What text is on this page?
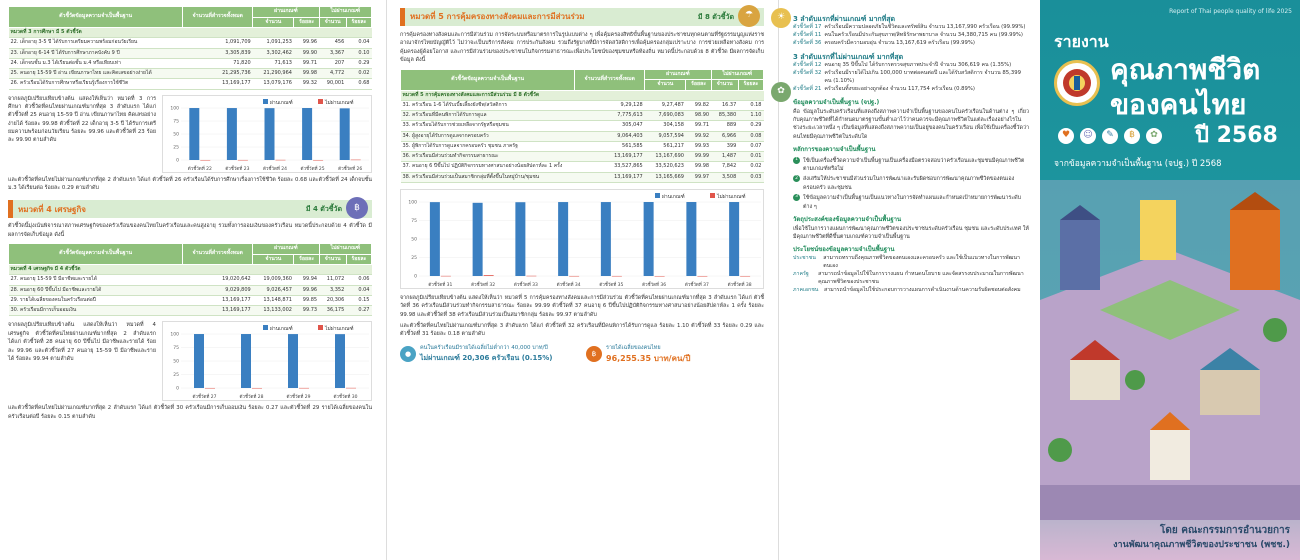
ตัวชี้วัดข้อมูลความจำเป็นพื้นฐาน	จำนวนที่สำรวจทั้งหมด	ผ่านเกณฑ์		ไม่ผ่านเกณฑ์	
		จำนวน	ร้อยละ	จำนวน	ร้อยละ
หมวดที่ 3 การศึกษา มี 5 ตัวชี้วัด					
22. เด็กอายุ 3-5 ปี ได้รับการเตรียมความพร้อมก่อนวัยเรียน	1,091,709	1,091,253	99.96	456	0.04
23. เด็กอายุ 6-14 ปี ได้รับการศึกษาภาคบังคับ 9 ปี	3,305,839	3,302,462	99.90	3,367	0.10
24. เด็กจบชั้น ม.3 ได้เรียนต่อชั้น ม.4 หรือเทียบเท่า	71,820	71,613	99.71	207	0.29
25. คนอายุ 15-59 ปี อ่าน เขียนภาษาไทย และคิดเลขอย่างง่ายได้	21,295,736	21,290,964	99.98	4,772	0.02
26. ครัวเรือนได้รับการศึกษาหรือเรียนรู้เรื่องการใช้ชีวิต	13,169,177	13,079,176	99.32	90,001	0.68

จากผลภูมิเปรียบเทียบข้างต้น แสดงให้เห็นว่า หมวดที่ 3 การศึกษา ตัวชี้วัดที่คนไทยผ่านเกณฑ์มากที่สุด 3 ลำดับแรก ได้แก่ ตัวชี้วัดที่ 25 คนอายุ 15-59 ปี อ่าน เขียนภาษาไทย คิดเลขอย่างง่ายได้ ร้อยละ 99.98 ตัวชี้วัดที่ 22 เด็กอายุ 3-5 ปี ได้รับการเตรียมความพร้อมก่อนวัยเรียน ร้อยละ 99.96 และตัวชี้วัดที่ 23 ร้อยละ 99.90 ตามลำดับ

ผ่านเกณฑ์	ไม่ผ่านเกณฑ์
0
25
50
75
100
ตัวชี้วัดที่ 22	ตัวชี้วัดที่ 23	ตัวชี้วัดที่ 24	ตัวชี้วัดที่ 25	ตัวชี้วัดที่ 26

และตัวชี้วัดที่คนไทยไม่ผ่านเกณฑ์มากที่สุด 2 ลำดับแรก ได้แก่ ตัวชี้วัดที่ 26 ครัวเรือนได้รับการศึกษาเรื่องการใช้ชีวิต ร้อยละ 0.68 และตัวชี้วัดที่ 24 เด็กจบชั้น ม.3 ได้เรียนต่อ ร้อยละ 0.29 ตามลำดับ

หมวดที่ 4 เศรษฐกิจ	มี 4 ตัวชี้วัด	฿

ตัวชี้วัดนี้มุ่งเน้นพิจารณาสภาพเศรษฐกิจของครัวเรือนของคนไทยในครัวเรือนและคนสูงอายุ รวมทั้งการออมเงินของครัวเรือน หมวดนี้ประกอบด้วย 4 ตัวชี้วัด มีผลการจัดเก็บข้อมูล ดังนี้

ตัวชี้วัดข้อมูลความจำเป็นพื้นฐาน	จำนวนที่สำรวจทั้งหมด	ผ่านเกณฑ์		ไม่ผ่านเกณฑ์	
		จำนวน	ร้อยละ	จำนวน	ร้อยละ
หมวดที่ 4 เศรษฐกิจ มี 4 ตัวชี้วัด					
27. คนอายุ 15-59 ปี มีอาชีพและรายได้	19,020,642	19,009,360	99.94	11,072	0.06
28. คนอายุ 60 ปีขึ้นไป มีอาชีพและรายได้	9,029,809	9,026,457	99.96	3,352	0.04
29. รายได้เฉลี่ยของคนในครัวเรือนต่อปี	13,169,177	13,148,871	99.85	20,306	0.15
30. ครัวเรือนมีการเก็บออมเงิน	13,169,177	13,133,002	99.73	36,175	0.27

จากผลภูมิเปรียบเทียบข้างต้น แสดงให้เห็นว่า หมวดที่ 4 เศรษฐกิจ ตัวชี้วัดที่คนไทยผ่านเกณฑ์มากที่สุด 2 ลำดับแรก ได้แก่ ตัวชี้วัดที่ 28 คนอายุ 60 ปีขึ้นไป มีอาชีพและรายได้ ร้อยละ 99.96 และตัวชี้วัดที่ 27 คนอายุ 15-59 ปี มีอาชีพและรายได้ ร้อยละ 99.94 ตามลำดับ

ผ่านเกณฑ์	ไม่ผ่านเกณฑ์
0
25
50
75
100
ตัวชี้วัดที่ 27	ตัวชี้วัดที่ 28	ตัวชี้วัดที่ 29	ตัวชี้วัดที่ 30

และตัวชี้วัดที่คนไทยไม่ผ่านเกณฑ์มากที่สุด 2 ลำดับแรก ได้แก่ ตัวชี้วัดที่ 30 ครัวเรือนมีการเก็บออมเงิน ร้อยละ 0.27 และตัวชี้วัดที่ 29 รายได้เฉลี่ยของคนในครัวเรือนต่อปี ร้อยละ 0.15 ตามลำดับ

หมวดที่ 5 การคุ้มครองทางสังคมและการมีส่วนร่วม	มี 8 ตัวชี้วัด	☂

การคุ้มครองทางสังคมและการมีส่วนร่วม การจัดระบบหรือมาตรการในรูปแบบต่าง ๆ เพื่อคุ้มครองสิทธิขั้นพื้นฐานของประชาชนทุกคนตามที่รัฐธรรมนูญแห่งราชอาณาจักรไทยบัญญัติไว้ ไม่ว่าจะเป็นบริการสังคม การประกันสังคม รวมถึงรัฐบาลที่มีการจัดสวัสดิการเพื่อคุ้มครองกลุ่มเปราะบาง การช่วยเหลือทางสังคม การคุ้มครองผู้ด้อยโอกาส และการมีส่วนร่วมของประชาชนในกิจกรรมสาธารณะเพื่อประโยชน์ของชุมชนหรือท้องถิ่น หมวดนี้ประกอบด้วย 8 ตัวชี้วัด มีผลการจัดเก็บข้อมูล ดังนี้

ตัวชี้วัดข้อมูลความจำเป็นพื้นฐาน	จำนวนที่สำรวจทั้งหมด	ผ่านเกณฑ์		ไม่ผ่านเกณฑ์	
		จำนวน	ร้อยละ	จำนวน	ร้อยละ
หมวดที่ 5 การคุ้มครองทางสังคมและการมีส่วนร่วม มี 8 ตัวชี้วัด					
31. ครัวเรือน 1-6 ได้รับเบี้ยเลี้ยงยังชีพ/สวัสดิการ	9,29,128	9,27,487	99.82	16.37	0.18
32. ครัวเรือนที่มีคนพิการได้รับการดูแล	7,775,613	7,690,083	98.90	85,380	1.10
33. ครัวเรือนได้รับการช่วยเหลือจากรัฐหรือชุมชน	305,047	304,158	99.71	889	0.29
34. ผู้สูงอายุได้รับการดูแลจากครอบครัว	9,064,403	9,057,594	99.92	6,966	0.08
35. ผู้พิการได้รับการดูแลจากครอบครัว ชุมชน ภาครัฐ	561,585	561,217	99.93	399	0.07
36. ครัวเรือนมีส่วนร่วมทำกิจกรรมสาธารณะ	13,169,177	13,167,690	99.99	1,487	0.01
37. คนอายุ 6 ปีขึ้นไป ปฏิบัติกิจกรรมทางศาสนาอย่างน้อยสัปดาห์ละ 1 ครั้ง	33,527,865	33,520,623	99.98	7,842	0.02
38. ครัวเรือนมีส่วนร่วมเป็นสมาชิกกลุ่มที่ตั้งขึ้นในหมู่บ้าน/ชุมชน	13,169,177	13,165,669	99.97	3,508	0.03
ผ่านเกณฑ์	ไม่ผ่านเกณฑ์
0
25
50
75
100
ตัวชี้วัดที่ 31	ตัวชี้วัดที่ 32	ตัวชี้วัดที่ 33	ตัวชี้วัดที่ 34	ตัวชี้วัดที่ 35	ตัวชี้วัดที่ 36	ตัวชี้วัดที่ 37	ตัวชี้วัดที่ 38

จากผลภูมิเปรียบเทียบข้างต้น แสดงให้เห็นว่า หมวดที่ 5 การคุ้มครองทางสังคมและการมีส่วนร่วม ตัวชี้วัดที่คนไทยผ่านเกณฑ์มากที่สุด 3 ลำดับแรก ได้แก่ ตัวชี้วัดที่ 36 ครัวเรือนมีส่วนร่วมทำกิจกรรมสาธารณะ ร้อยละ 99.99 ตัวชี้วัดที่ 37 คนอายุ 6 ปีขึ้นไปปฏิบัติกิจกรรมทางศาสนาอย่างน้อยสัปดาห์ละ 1 ครั้ง ร้อยละ 99.98 และตัวชี้วัดที่ 38 ครัวเรือนมีส่วนร่วมเป็นสมาชิกกลุ่ม ร้อยละ 99.97 ตามลำดับ

และตัวชี้วัดที่คนไทยไม่ผ่านเกณฑ์มากที่สุด 3 ลำดับแรก ได้แก่ ตัวชี้วัดที่ 32 ครัวเรือนที่มีคนพิการได้รับการดูแล ร้อยละ 1.10 ตัวชี้วัดที่ 33 ร้อยละ 0.29 และตัวชี้วัดที่ 31 ร้อยละ 0.18 ตามลำดับ

●
คนในครัวเรือนมีรายได้เฉลี่ยไม่ต่ำกว่า 40,000 บาท/ปี
ไม่ผ่านเกณฑ์ 20,306 ครัวเรือน (0.15%)	฿
รายได้เฉลี่ยของคนไทย
96,255.35 บาท/คน/ปี
☀	3 ลำดับแรกที่ผ่านเกณฑ์ มากที่สุด
ตัวชี้วัดที่ 17 ครัวเรือนมีความปลอดภัยในชีวิตและทรัพย์สิน จำนวน 13,167,990 ครัวเรือน (99.99%)
ตัวชี้วัดที่ 11 คนในครัวเรือนมีประกันสุขภาพ/สิทธิรักษาพยาบาล จำนวน 34,380,715 คน (99.99%)
ตัวชี้วัดที่ 36 ครอบครัวมีความอบอุ่น จำนวน 13,167,619 ครัวเรือน (99.99%)
✿
3 ลำดับแรกที่ไม่ผ่านเกณฑ์ มากที่สุด
ตัวชี้วัดที่ 12 คนอายุ 35 ปีขึ้นไป ได้รับการตรวจสุขภาพประจำปี จำนวน 306,619 คน (1.35%)
ตัวชี้วัดที่ 32 ครัวเรือนมีรายได้ไม่เกิน 100,000 บาทต่อคนต่อปี และได้รับสวัสดิการ จำนวน 85,399 คน (1.10%)
ตัวชี้วัดที่ 21 ครัวเรือนทิ้งขยะอย่างถูกต้อง จำนวน 117,754 ครัวเรือน (0.89%)
ข้อมูลความจำเป็นพื้นฐาน (จปฐ.)

คือ ข้อมูลในระดับครัวเรือนที่แสดงถึงสภาพความจำเป็นพื้นฐานของคนในครัวเรือนในด้านต่าง ๆ เกี่ยวกับคุณภาพชีวิตที่ได้กำหนดมาตรฐานขั้นต่ำเอาไว้ว่าคนควรจะมีคุณภาพชีวิตในแต่ละเรื่องอย่างไรในช่วงระยะเวลาหนึ่ง ๆ เป็นข้อมูลที่แสดงถึงสภาพความเป็นอยู่ของคนในครัวเรือน เพื่อใช้เป็นเครื่องชี้วัดว่าคนไทยมีคุณภาพชีวิตในระดับใด

หลักการของความจำเป็นพื้นฐาน
1 ใช้เป็นเครื่องชี้วัดความจำเป็นพื้นฐานเป็นเครื่องมือตรวจสอบว่าครัวเรือนและชุมชนมีคุณภาพชีวิตตามเกณฑ์หรือไม่
2 ส่งเสริมให้ประชาชนมีส่วนร่วมในการพัฒนาและรับผิดชอบการพัฒนาคุณภาพชีวิตของตนเอง ครอบครัว และชุมชน
3 ใช้ข้อมูลความจำเป็นพื้นฐานเป็นแนวทางในการจัดทำแผนและกำหนดเป้าหมายการพัฒนาระดับต่าง ๆ
วัตถุประสงค์ของข้อมูลความจำเป็นพื้นฐาน

เพื่อใช้ในการวางแผนการพัฒนาคุณภาพชีวิตของประชาชนระดับครัวเรือน ชุมชน และระดับประเทศ ให้มีคุณภาพชีวิตที่ดีขึ้นตามเกณฑ์ความจำเป็นพื้นฐาน

ประโยชน์ของข้อมูลความจำเป็นพื้นฐาน
ประชาชน	สามารถทราบถึงคุณภาพชีวิตของตนเองและครอบครัว และใช้เป็นแนวทางในการพัฒนาตนเอง
ภาครัฐ	สามารถนำข้อมูลไปใช้ในการวางแผน กำหนดนโยบาย และจัดสรรงบประมาณในการพัฒนาคุณภาพชีวิตของประชาชน
ภาคเอกชน	สามารถนำข้อมูลไปใช้ประกอบการวางแผนการดำเนินงานด้านความรับผิดชอบต่อสังคม
Report of Thai people quality of life 2025
รายงาน
คุณภาพชีวิต
ของคนไทย
♥	☺	✎	฿	✿ ปี 2568
จากข้อมูลความจำเป็นพื้นฐาน (จปฐ.) ปี 2568
โดย คณะกรรมการอำนวยการ
งานพัฒนาคุณภาพชีวิตของประชาชน (พชช.)
